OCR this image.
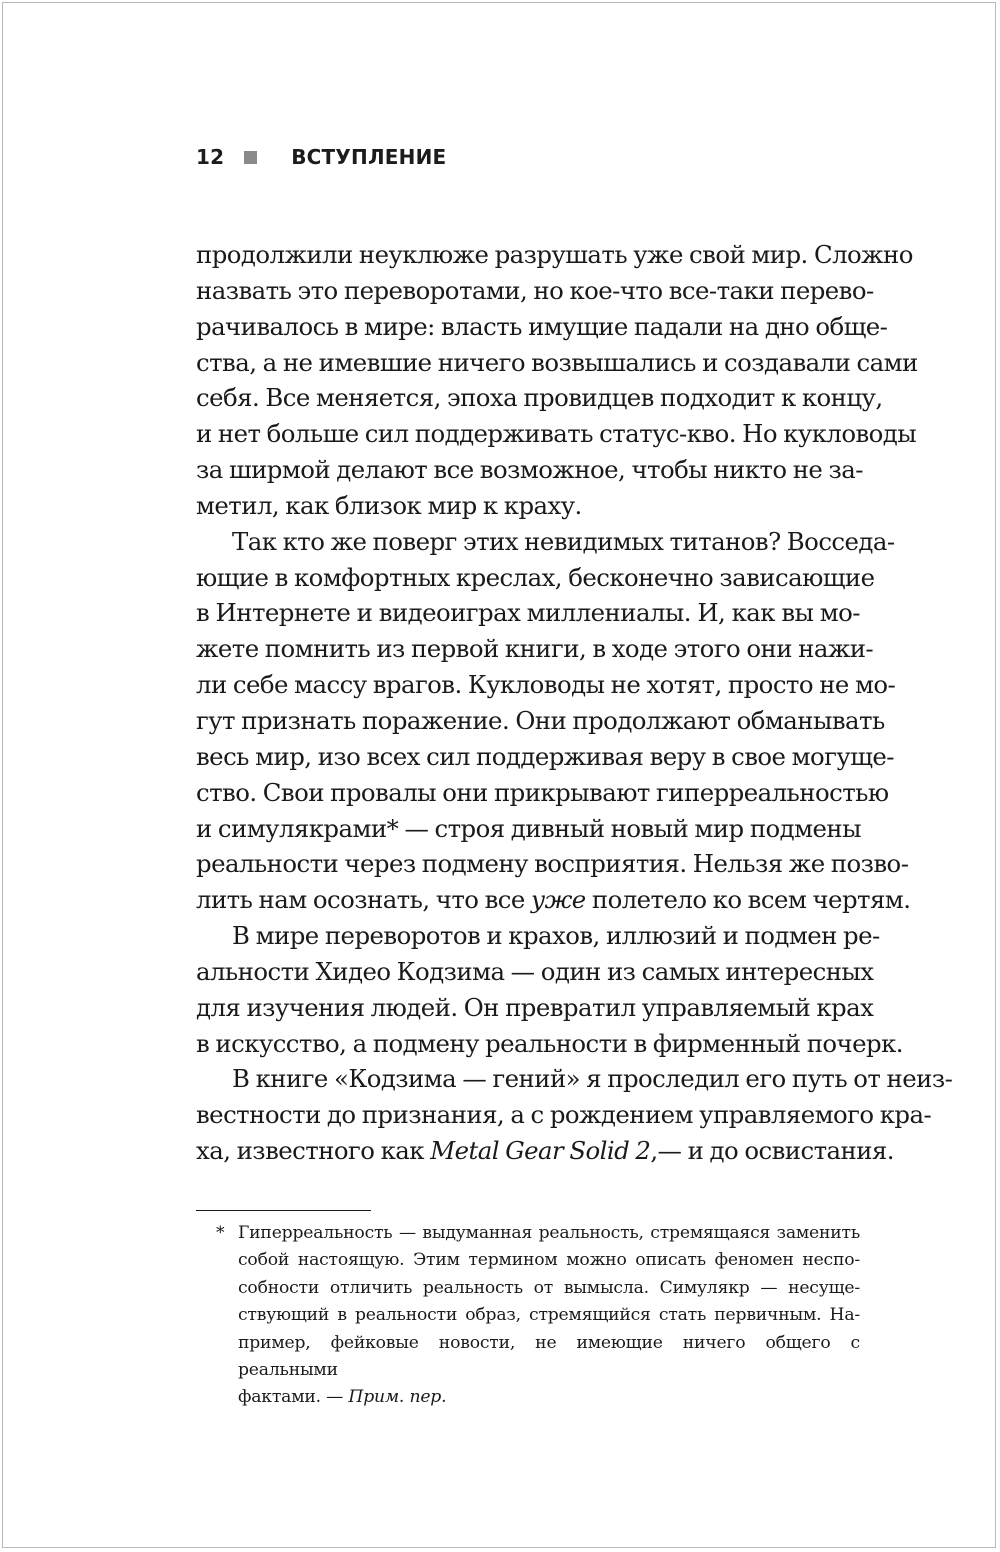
12	ВСТУПЛЕНИЕ
продолжили неуклюже разрушать уже свой мир. Сложно
назвать это переворотами, но кое-что все-таки перево-
рачивалось в мире: власть имущие падали на дно обще-
ства, а не имевшие ничего возвышались и создавали сами
себя. Все меняется, эпоха провидцев подходит к концу,
и нет больше сил поддерживать статус-кво. Но кукловоды
за ширмой делают все возможное, чтобы никто не за-
метил, как близок мир к краху.
Так кто же поверг этих невидимых титанов? Восседа-
ющие в комфортных креслах, бесконечно зависающие
в Интернете и видеоиграх миллениалы. И, как вы мо-
жете помнить из первой книги, в ходе этого они нажи-
ли себе массу врагов. Кукловоды не хотят, просто не мо-
гут признать поражение. Они продолжают обманывать
весь мир, изо всех сил поддерживая веру в свое могуще-
ство. Свои провалы они прикрывают гиперреальностью
и симулякрами* — строя дивный новый мир подмены
реальности через подмену восприятия. Нельзя же позво-
лить нам осознать, что все уже полетело ко всем чертям.
В мире переворотов и крахов, иллюзий и подмен ре-
альности Хидео Кодзима — один из самых интересных
для изучения людей. Он превратил управляемый крах
в искусство, а подмену реальности в фирменный почерк.
В книге «Кодзима — гений» я проследил его путь от неиз-
вестности до признания, а с рождением управляемого кра-
ха, известного как Metal Gear Solid 2,— и до освистания.
* Гиперреальность — выдуманная реальность, стремящаяся заменить
собой настоящую. Этим термином можно описать феномен неспо-
собности отличить реальность от вымысла. Симулякр — несуще-
ствующий в реальности образ, стремящийся стать первичным. На-
пример, фейковые новости, не имеющие ничего общего с реальными
фактами. — Прим. пер.
